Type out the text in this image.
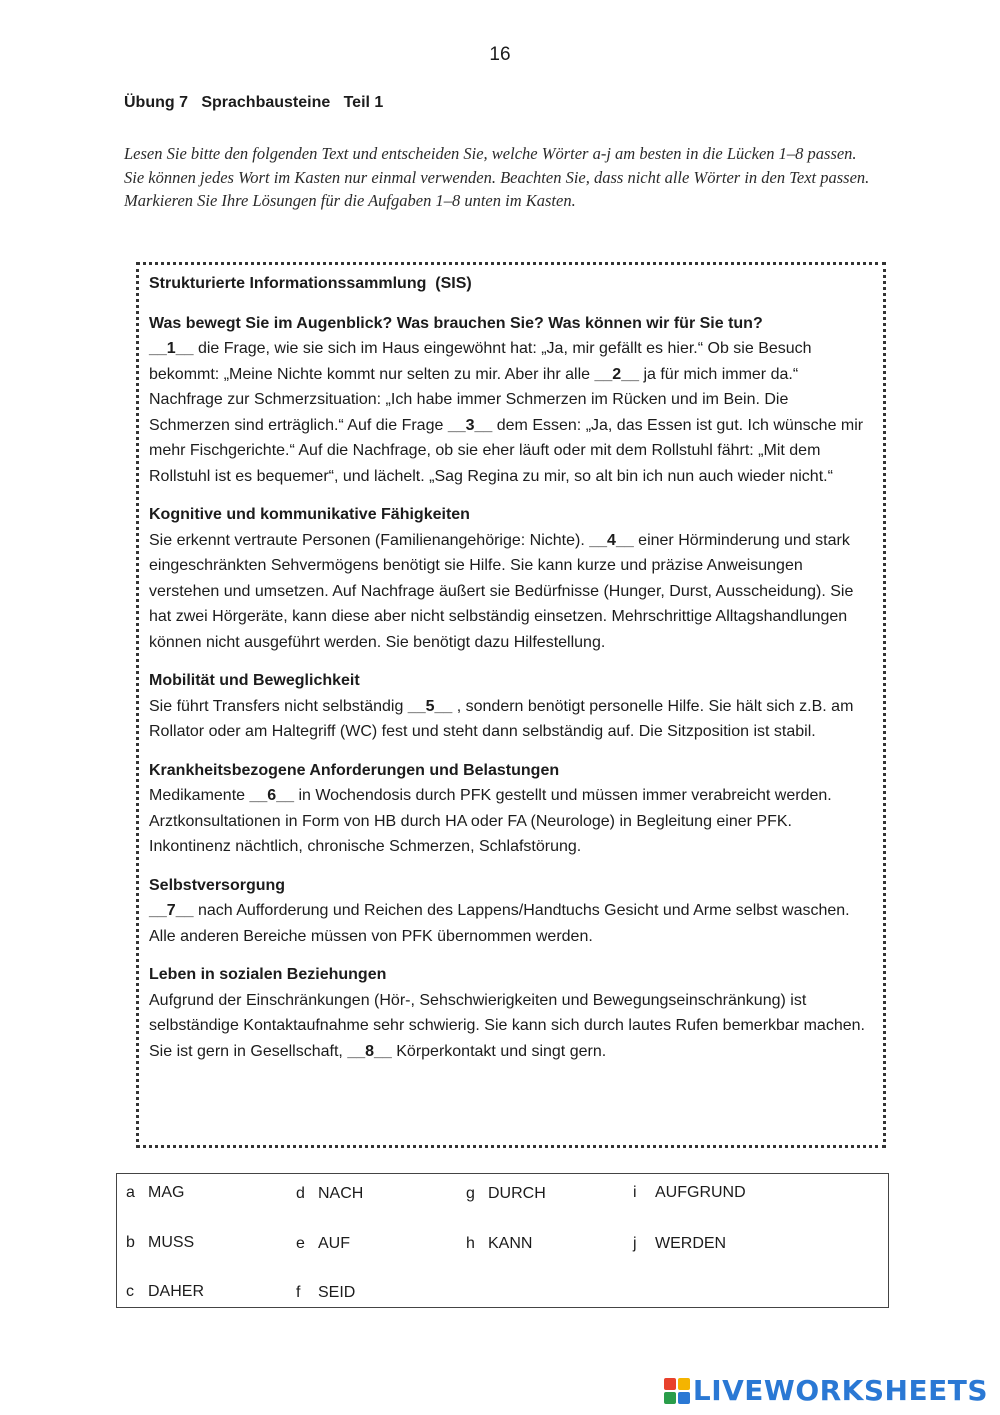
16
Übung 7   Sprachbausteine   Teil 1
Lesen Sie bitte den folgenden Text und entscheiden Sie, welche Wörter a-j am besten in die Lücken 1–8 passen. Sie können jedes Wort im Kasten nur einmal verwenden. Beachten Sie, dass nicht alle Wörter in den Text passen. Markieren Sie Ihre Lösungen für die Aufgaben 1–8 unten im Kasten.
Strukturierte Informationssammlung  (SIS)
Was bewegt Sie im Augenblick? Was brauchen Sie? Was können wir für Sie tun?

__1__ die Frage, wie sie sich im Haus eingewöhnt hat: „Ja, mir gefällt es hier.“ Ob sie Besuch bekommt: „Meine Nichte kommt nur selten zu mir. Aber ihr alle __2__ ja für mich immer da.“ Nachfrage zur Schmerzsituation: „Ich habe immer Schmerzen im Rücken und im Bein. Die Schmerzen sind erträglich.“ Auf die Frage __3__ dem Essen: „Ja, das Essen ist gut. Ich wünsche mir mehr Fischgerichte.“ Auf die Nachfrage, ob sie eher läuft oder mit dem Rollstuhl fährt: „Mit dem Rollstuhl ist es bequemer“, und lächelt. „Sag Regina zu mir, so alt bin ich nun auch wieder nicht.“

Kognitive und kommunikative Fähigkeiten

Sie erkennt vertraute Personen (Familienangehörige: Nichte). __4__ einer Hörminderung und stark eingeschränkten Sehvermögens benötigt sie Hilfe. Sie kann kurze und präzise Anweisungen verstehen und umsetzen. Auf Nachfrage äußert sie Bedürfnisse (Hunger, Durst, Ausscheidung). Sie hat zwei Hörgeräte, kann diese aber nicht selbständig einsetzen. Mehrschrittige Alltagshandlungen können nicht ausgeführt werden. Sie benötigt dazu Hilfestellung.

Mobilität und Beweglichkeit

Sie führt Transfers nicht selbständig __5__ , sondern benötigt personelle Hilfe. Sie hält sich z.B. am Rollator oder am Haltegriff (WC) fest und steht dann selbständig auf. Die Sitzposition ist stabil.

Krankheitsbezogene Anforderungen und Belastungen

Medikamente __6__ in Wochendosis durch PFK gestellt und müssen immer verabreicht werden. Arztkonsultationen in Form von HB durch HA oder FA (Neurologe) in Begleitung einer PFK. Inkontinenz nächtlich, chronische Schmerzen, Schlafstörung.

Selbstversorgung

__7__ nach Aufforderung und Reichen des Lappens/Handtuchs Gesicht und Arme selbst waschen. Alle anderen Bereiche müssen von PFK übernommen werden.

Leben in sozialen Beziehungen

Aufgrund der Einschränkungen (Hör-, Sehschwierigkeiten und Bewegungseinschränkung) ist selbständige Kontaktaufnahme sehr schwierig. Sie kann sich durch lautes Rufen bemerkbar machen. Sie ist gern in Gesellschaft, __8__ Körperkontakt und singt gern.

a MAG
b MUSS
c DAHER
d NACH
e AUF
f SEID
g DURCH
h KANN
i AUFGRUND
j WERDEN
LIVEWORKSHEETS
